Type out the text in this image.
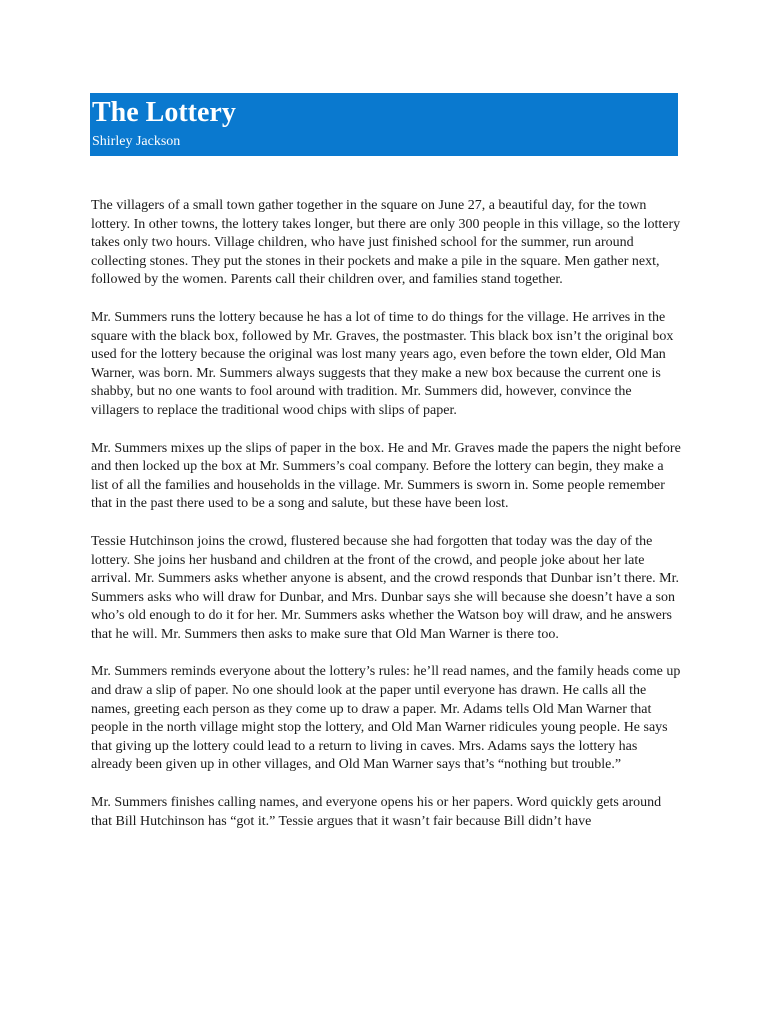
The Lottery

Shirley Jackson

The villagers of a small town gather together in the square on June 27, a beautiful day, for the town lottery. In other towns, the lottery takes longer, but there are only 300 people in this village, so the lottery takes only two hours. Village children, who have just finished school for the summer, run around collecting stones. They put the stones in their pockets and make a pile in the square. Men gather next, followed by the women. Parents call their children over, and families stand together.

Mr. Summers runs the lottery because he has a lot of time to do things for the village. He arrives in the square with the black box, followed by Mr. Graves, the postmaster. This black box isn’t the original box used for the lottery because the original was lost many years ago, even before the town elder, Old Man Warner, was born. Mr. Summers always suggests that they make a new box because the current one is shabby, but no one wants to fool around with tradition. Mr. Summers did, however, convince the villagers to replace the traditional wood chips with slips of paper.

Mr. Summers mixes up the slips of paper in the box. He and Mr. Graves made the papers the night before and then locked up the box at Mr. Summers’s coal company. Before the lottery can begin, they make a list of all the families and households in the village. Mr. Summers is sworn in. Some people remember that in the past there used to be a song and salute, but these have been lost.

Tessie Hutchinson joins the crowd, flustered because she had forgotten that today was the day of the lottery. She joins her husband and children at the front of the crowd, and people joke about her late arrival. Mr. Summers asks whether anyone is absent, and the crowd responds that Dunbar isn’t there. Mr. Summers asks who will draw for Dunbar, and Mrs. Dunbar says she will because she doesn’t have a son who’s old enough to do it for her. Mr. Summers asks whether the Watson boy will draw, and he answers that he will. Mr. Summers then asks to make sure that Old Man Warner is there too.

Mr. Summers reminds everyone about the lottery’s rules: he’ll read names, and the family heads come up and draw a slip of paper. No one should look at the paper until everyone has drawn. He calls all the names, greeting each person as they come up to draw a paper. Mr. Adams tells Old Man Warner that people in the north village might stop the lottery, and Old Man Warner ridicules young people. He says that giving up the lottery could lead to a return to living in caves. Mrs. Adams says the lottery has already been given up in other villages, and Old Man Warner says that’s “nothing but trouble.”

Mr. Summers finishes calling names, and everyone opens his or her papers. Word quickly gets around that Bill Hutchinson has “got it.” Tessie argues that it wasn’t fair because Bill didn’t have
